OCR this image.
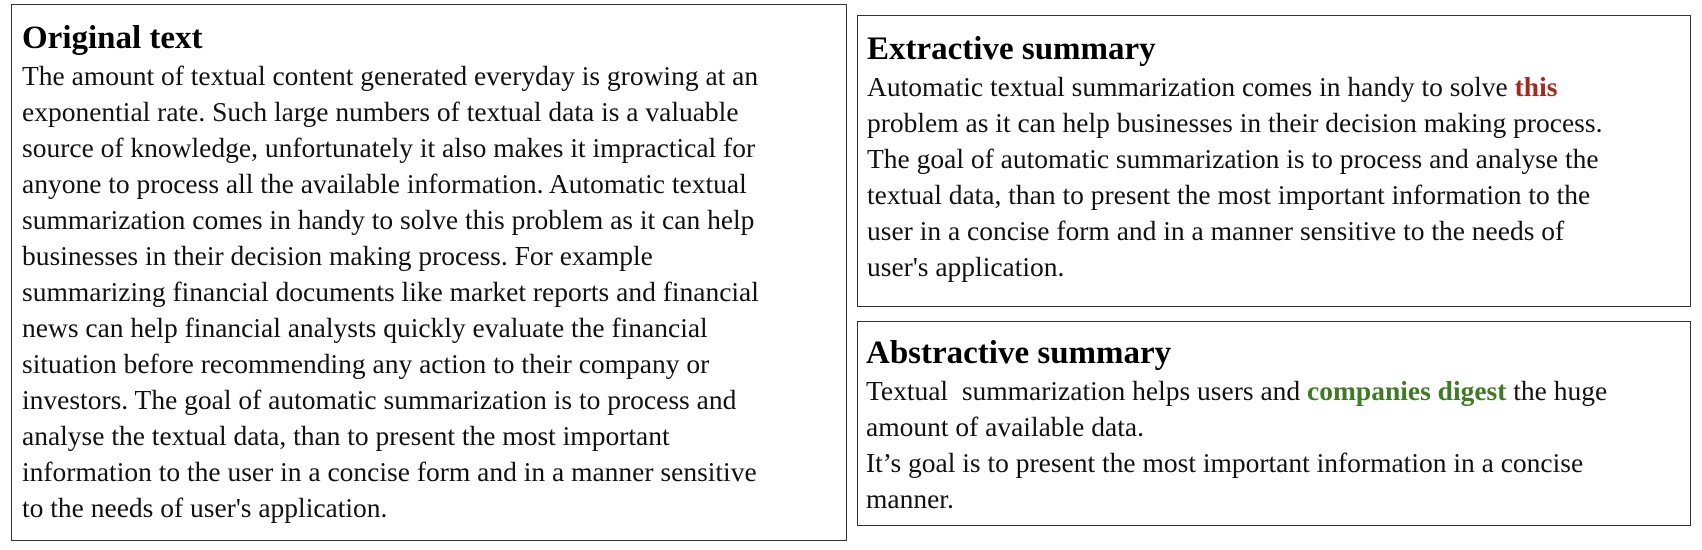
Original text

The amount of textual content generated everyday is growing at an

exponential rate. Such large numbers of textual data is a valuable

source of knowledge, unfortunately it also makes it impractical for

anyone to process all the available information. Automatic textual

summarization comes in handy to solve this problem as it can help

businesses in their decision making process. For example

summarizing financial documents like market reports and financial

news can help financial analysts quickly evaluate the financial

situation before recommending any action to their company or

investors. The goal of automatic summarization is to process and

analyse the textual data, than to present the most important

information to the user in a concise form and in a manner sensitive

to the needs of user's application.

Extractive summary

Automatic textual summarization comes in handy to solve this

problem as it can help businesses in their decision making process.

The goal of automatic summarization is to process and analyse the

textual data, than to present the most important information to the

user in a concise form and in a manner sensitive to the needs of

user's application.

Abstractive summary

Textual  summarization helps users and companies digest the huge

amount of available data.

It’s goal is to present the most important information in a concise

manner.
